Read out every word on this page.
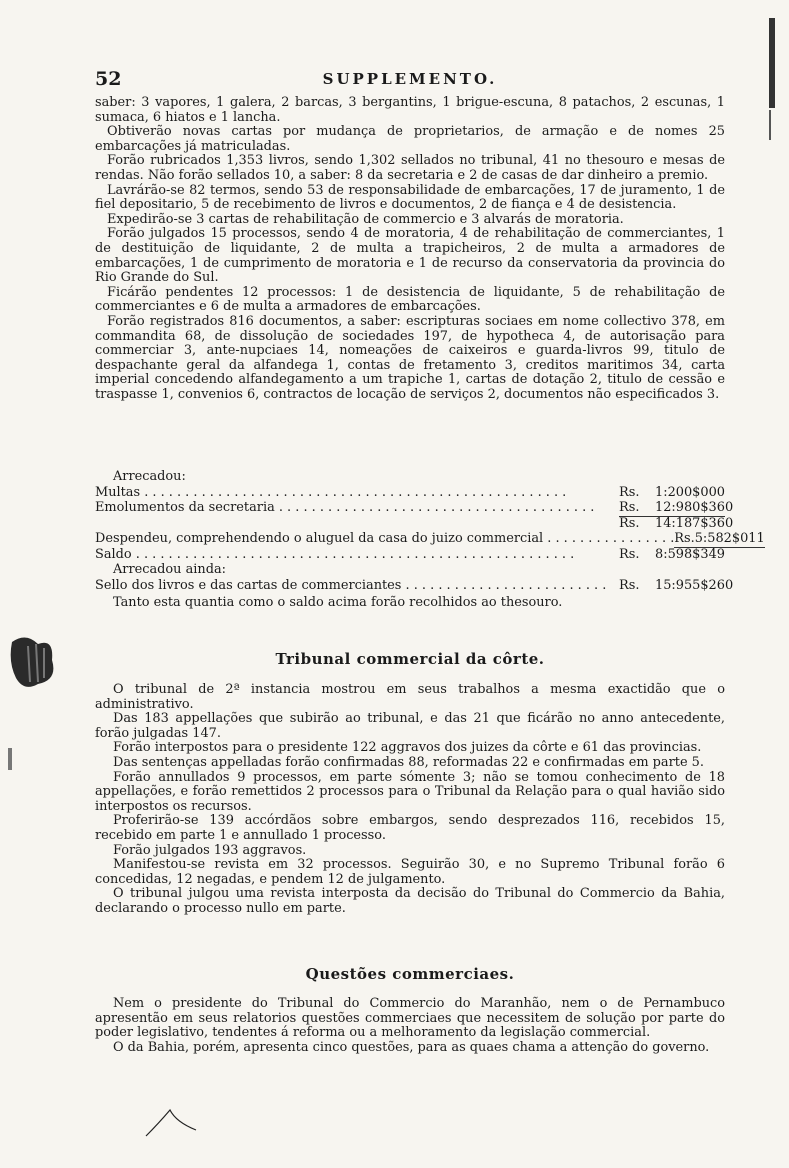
52	SUPPLEMENTO.

saber: 3 vapores, 1 galera, 2 barcas, 3 bergantins, 1 brigue-escuna, 8 patachos, 2 escunas, 1 sumaca, 6 hiatos e 1 lancha.

Obtiverão novas cartas por mudança de proprietarios, de armação e de nomes 25 embarcações já matriculadas.

Forão rubricados 1,353 livros, sendo 1,302 sellados no tribunal, 41 no thesouro e mesas de rendas. Não forão sellados 10, a saber: 8 da secretaria e 2 de casas de dar dinheiro a premio.

Lavrárão-se 82 termos, sendo 53 de responsabilidade de embarcações, 17 de juramento, 1 de fiel depositario, 5 de recebimento de livros e documentos, 2 de fiança e 4 de desistencia.

Expedirão-se 3 cartas de rehabilitação de commercio e 3 alvarás de moratoria.

Forão julgados 15 processos, sendo 4 de moratoria, 4 de rehabilitação de commerciantes, 1 de destituição de liquidante, 2 de multa a trapicheiros, 2 de multa a armadores de embarcações, 1 de cumprimento de moratoria e 1 de recurso da conservatoria da provincia do Rio Grande do Sul.

Ficárão pendentes 12 processos: 1 de desistencia de liquidante, 5 de rehabilitação de commerciantes e 6 de multa a armadores de embarcações.

Forão registrados 816 documentos, a saber: escripturas sociaes em nome collectivo 378, em commandita 68, de dissolução de sociedades 197, de hypotheca 4, de autorisação para commerciar 3, ante-nupciaes 14, nomeações de caixeiros e guarda-livros 99, titulo de despachante geral da alfandega 1, contas de fretamento 3, creditos maritimos 34, carta imperial concedendo alfandegamento a um trapiche 1, cartas de dotação 2, titulo de cessão e traspasse 1, convenios 6, contractos de locação de serviços 2, documentos não especificados 3.

Arrecadou:
Multas . . . . . . . . . . . . . . . . . . . . . . . . . . . . . . . . . . . . . . . . . . . . . . . . . . . .	Rs.	1:200$000
Emolumentos da secretaria . . . . . . . . . . . . . . . . . . . . . . . . . . . . . . . . . . . . . . .	Rs.	12:980$360
Rs.	14:187$360
Despendeu, comprehendendo o aluguel da casa do juizo commercial . . . . . . . . . . . . . . . . Rs. 5:582$011
Saldo . . . . . . . . . . . . . . . . . . . . . . . . . . . . . . . . . . . . . . . . . . . . . . . . . . . . . .	Rs.	8:598$349
Arrecadou ainda:
Sello dos livros e das cartas de commerciantes . . . . . . . . . . . . . . . . . . . . . . . . . Rs.	15:955$260
Tanto esta quantia como o saldo acima forão recolhidos ao thesouro.
Tribunal commercial da côrte.

O tribunal de 2ª instancia mostrou em seus trabalhos a mesma exactidão que o administrativo.

Das 183 appellações que subirão ao tribunal, e das 21 que ficárão no anno antecedente, forão julgadas 147.

Forão interpostos para o presidente 122 aggravos dos juizes da côrte e 61 das provincias.

Das sentenças appelladas forão confirmadas 88, reformadas 22 e confirmadas em parte 5.

Forão annullados 9 processos, em parte sómente 3; não se tomou conhecimento de 18 appellações, e forão remettidos 2 processos para o Tribunal da Relação para o qual havião sido interpostos os recursos.

Proferirão-se 139 accórdãos sobre embargos, sendo desprezados 116, recebidos 15, recebido em parte 1 e annullado 1 processo.

Forão julgados 193 aggravos.

Manifestou-se revista em 32 processos. Seguirão 30, e no Supremo Tribunal forão 6 concedidas, 12 negadas, e pendem 12 de julgamento.

O tribunal julgou uma revista interposta da decisão do Tribunal do Commercio da Bahia, declarando o processo nullo em parte.

Questões commerciaes.

Nem o presidente do Tribunal do Commercio do Maranhão, nem o de Pernambuco apresentão em seus relatorios questões commerciaes que necessitem de solução por parte do poder legislativo, tendentes á reforma ou a melhoramento da legislação commercial.

O da Bahia, porém, apresenta cinco questões, para as quaes chama a attenção do governo.
